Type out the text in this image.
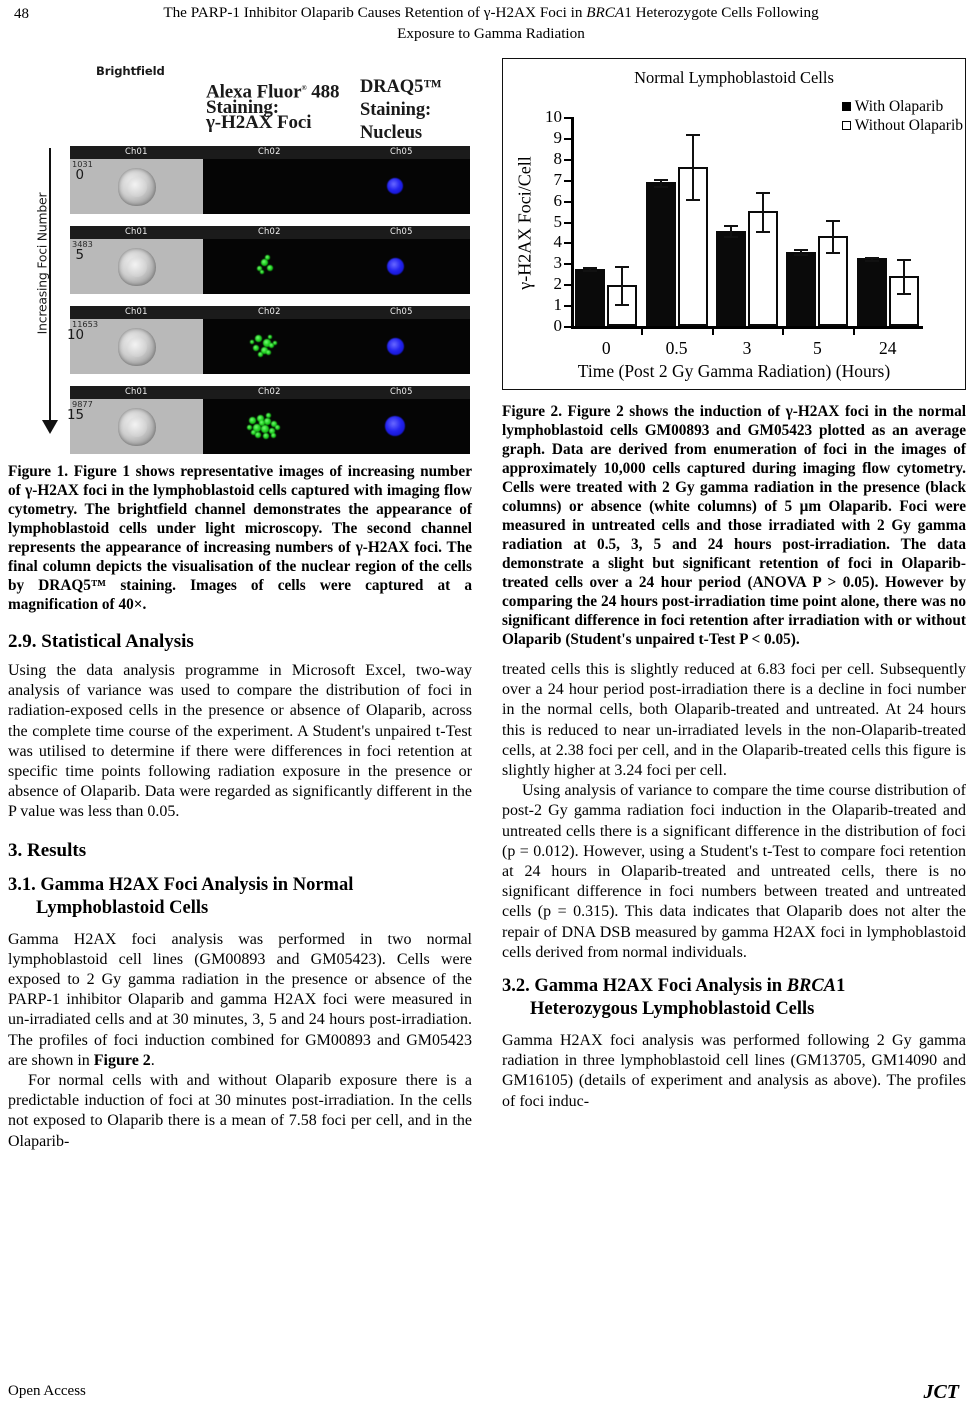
48	The PARP-1 Inhibitor Olaparib Causes Retention of γ-H2AX Foci in BRCA1 Heterozygote Cells Following
Exposure to Gamma Radiation
Brightfield
Alexa Fluor® 488
Staining:
γ-H2AX Foci
DRAQ5™
Staining:
Nucleus
Increasing Foci Number
Ch01	Ch02	Ch05
1031
0
Ch01	Ch02	Ch05
3483
5
Ch01	Ch02	Ch05
11653
10
Ch01	Ch02	Ch05
9877
15
Figure 1. Figure 1 shows representative images of increasing number of γ-H2AX foci in the lymphoblastoid cells captured with imaging flow cytometry. The brightfield channel demonstrates the appearance of lymphoblastoid cells under light microscopy. The second channel represents the appearance of increasing numbers of γ-H2AX foci. The final column depicts the visualisation of the nuclear region of the cells by DRAQ5™ staining. Images of cells were captured at a magnification of 40×.
2.9. Statistical Analysis

Using the data analysis programme in Microsoft Excel, two-way analysis of variance was used to compare the distribution of foci in radiation-exposed cells in the presence or absence of Olaparib, across the complete time course of the experiment. A Student's unpaired t-Test was utilised to determine if there were differences in foci retention at specific time points following radiation exposure in the presence or absence of Olaparib. Data were regarded as significantly different in the P value was less than 0.05.

3. Results
3.1. Gamma H2AX Foci Analysis in Normal
Lymphoblastoid Cells

Gamma H2AX foci analysis was performed in two normal lymphoblastoid cell lines (GM00893 and GM05423). Cells were exposed to 2 Gy gamma radiation in the presence or absence of the PARP-1 inhibitor Olaparib and gamma H2AX foci were measured in un-irradiated cells and at 30 minutes, 3, 5 and 24 hours post-irradiation. The profiles of foci induction combined for GM00893 and GM05423 are shown in Figure 2.

For normal cells with and without Olaparib exposure there is a predictable induction of foci at 30 minutes post-irradiation. In the cells not exposed to Olaparib there is a mean of 7.58 foci per cell, and in the Olaparib-

Normal Lymphoblastoid Cells
With Olaparib
Without Olaparib
γ-H2AX Foci/Cell
0
1
2
3
4
5
6
7
8
9
10
0	0.5	3	5	24
Time (Post 2 Gy Gamma Radiation) (Hours)
Figure 2. Figure 2 shows the induction of γ-H2AX foci in the normal lymphoblastoid cells GM00893 and GM05423 plotted as an average graph. Data are derived from enumeration of foci in the images of approximately 10,000 cells captured during imaging flow cytometry. Cells were treated with 2 Gy gamma radiation in the presence (black columns) or absence (white columns) of 5 μm Olaparib. Foci were measured in untreated cells and those irradiated with 2 Gy gamma radiation at 0.5, 3, 5 and 24 hours post-irradiation. The data demonstrate a slight but significant retention of foci in Olaparib-treated cells over a 24 hour period (ANOVA P > 0.05). However by comparing the 24 hours post-irradiation time point alone, there was no significant difference in foci retention after irradiation with or without Olaparib (Student's unpaired t-Test P < 0.05).

treated cells this is slightly reduced at 6.83 foci per cell. Subsequently over a 24 hour period post-irradiation there is a decline in foci number in the normal cells, both Olaparib-treated and untreated. At 24 hours this is reduced to near un-irradiated levels in the non-Olaparib-treated cells, at 2.38 foci per cell, and in the Olaparib-treated cells this figure is slightly higher at 3.24 foci per cell.

Using analysis of variance to compare the time course distribution of post-2 Gy gamma radiation foci induction in the Olaparib-treated and untreated cells there is a significant difference in the distribution of foci (p = 0.012). However, using a Student's t-Test to compare foci retention at 24 hours in Olaparib-treated and untreated cells, there is no significant difference in foci numbers between treated and untreated cells (p = 0.315). This data indicates that Olaparib does not alter the repair of DNA DSB measured by gamma H2AX foci in lymphoblastoid cells derived from normal individuals.

3.2. Gamma H2AX Foci Analysis in BRCA1
Heterozygous Lymphoblastoid Cells

Gamma H2AX foci analysis was performed following 2 Gy gamma radiation in three lymphoblastoid cell lines (GM13705, GM14090 and GM16105) (details of experiment and analysis as above). The profiles of foci induc-

Open Access	JCT
